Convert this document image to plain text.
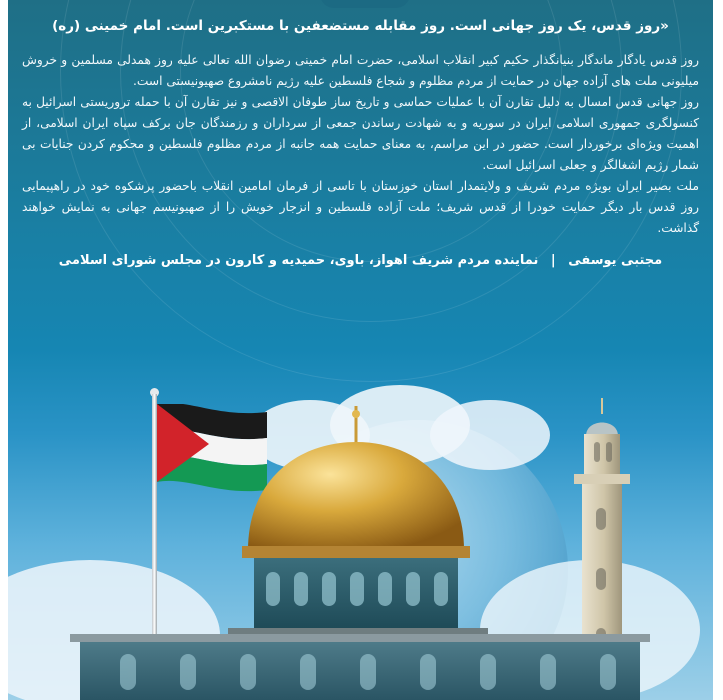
«روز قدس، یک روز جهانی است. روز مقابله مستضعفین با مستکبرین است. امام خمینی (ره)

روز قدس یادگار ماندگار بنیانگذار حکیم کبیر انقلاب اسلامی، حضرت امام خمینی رضوان الله تعالی علیه روز همدلی مسلمین و خروش میلیونی ملت های آزاده جهان در حمایت از مردم مظلوم و شجاع فلسطین علیه رژیم نامشروع صهیونیستی است.

روز جهانی قدس امسال به دلیل تقارن آن با عملیات حماسی و تاریخ ساز طوفان الاقصی و نیز تقارن آن با حمله تروریستی اسرائیل به کنسولگری جمهوری اسلامی ایران در سوریه و به شهادت رساندن جمعی از سرداران و رزمندگان جان برکف سپاه ایران اسلامی، از اهمیت ویژه‌ای برخوردار است. حضور در این مراسم، به معنای حمایت همه جانبه از مردم مظلوم فلسطین و محکوم کردن جنایات بی شمار رژیم اشغالگر و جعلی اسرائیل است.

ملت بصیر ایران بویژه مردم شریف و ولایتمدار استان خوزستان با تاسی از فرمان امامین انقلاب باحضور پرشکوه خود در راهپیمایی روز قدس بار دیگر حمایت خودرا از قدس شریف؛ ملت آزاده فلسطین و انزجار خویش را از صهیونیسم جهانی به نمایش خواهند گذاشت.

مجتبی یوسفی | نماینده مردم شریف اهواز، باوی، حمیدیه و کارون در مجلس شورای اسلامی
